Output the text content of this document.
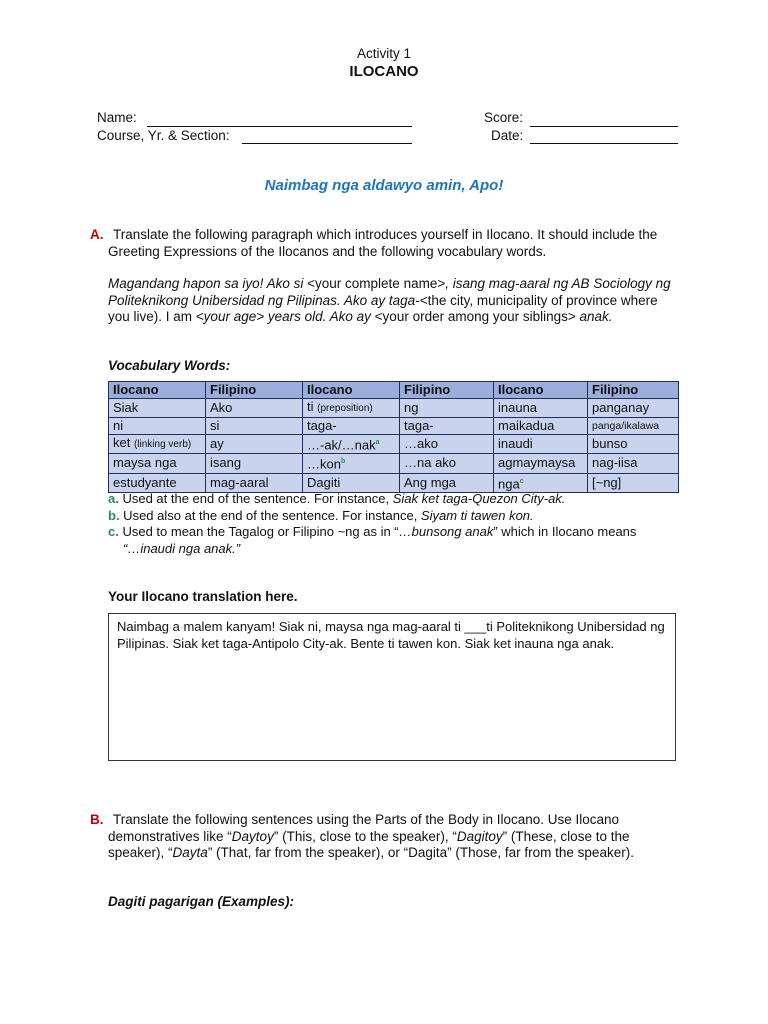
Activity 1
ILOCANO
Name:
Course, Yr. & Section:
Score:
Date:
Naimbag nga aldawyo amin, Apo!
A. Translate the following paragraph which introduces yourself in Ilocano. It should include the Greeting Expressions of the Ilocanos and the following vocabulary words.

Magandang hapon sa iyo! Ako si <your complete name>, isang mag-aaral ng AB Sociology ng Politeknikong Unibersidad ng Pilipinas. Ako ay taga-<the city, municipality of province where you live). I am <your age> years old. Ako ay <your order among your siblings> anak.

Vocabulary Words:
Ilocano	Filipino	Ilocano	Filipino	Ilocano	Filipino
Siak	Ako	ti (preposition)	ng	inauna	panganay
ni	si	taga-	taga-	maikadua	panga/ikalawa
ket (linking verb)	ay	…-ak/…nak$^a$	…ako	inaudi	bunso
maysa nga	isang	…kon$^b$	…na ako	agmaymaysa	nag-iisa
estudyante	mag-aaral	Dagiti	Ang mga	nga$^c$	[~ng]
a. Used at the end of the sentence. For instance, Siak ket taga-Quezon City-ak.
b. Used also at the end of the sentence. For instance, Siyam ti tawen kon.
c. Used to mean the Tagalog or Filipino ~ng as in “…bunsong anak” which in Ilocano means
“…inaudi nga anak.”
Your Ilocano translation here.
Naimbag a malem kanyam! Siak ni, maysa nga mag-aaral ti ___ti Politeknikong Unibersidad ng Pilipinas. Siak ket taga-Antipolo City-ak. Bente ti tawen kon. Siak ket inauna nga anak.
B. Translate the following sentences using the Parts of the Body in Ilocano. Use Ilocano demonstratives like “Daytoy” (This, close to the speaker), “Dagitoy” (These, close to the speaker), “Dayta” (That, far from the speaker), or “Dagita” (Those, far from the speaker).

Dagiti pagarigan (Examples):
